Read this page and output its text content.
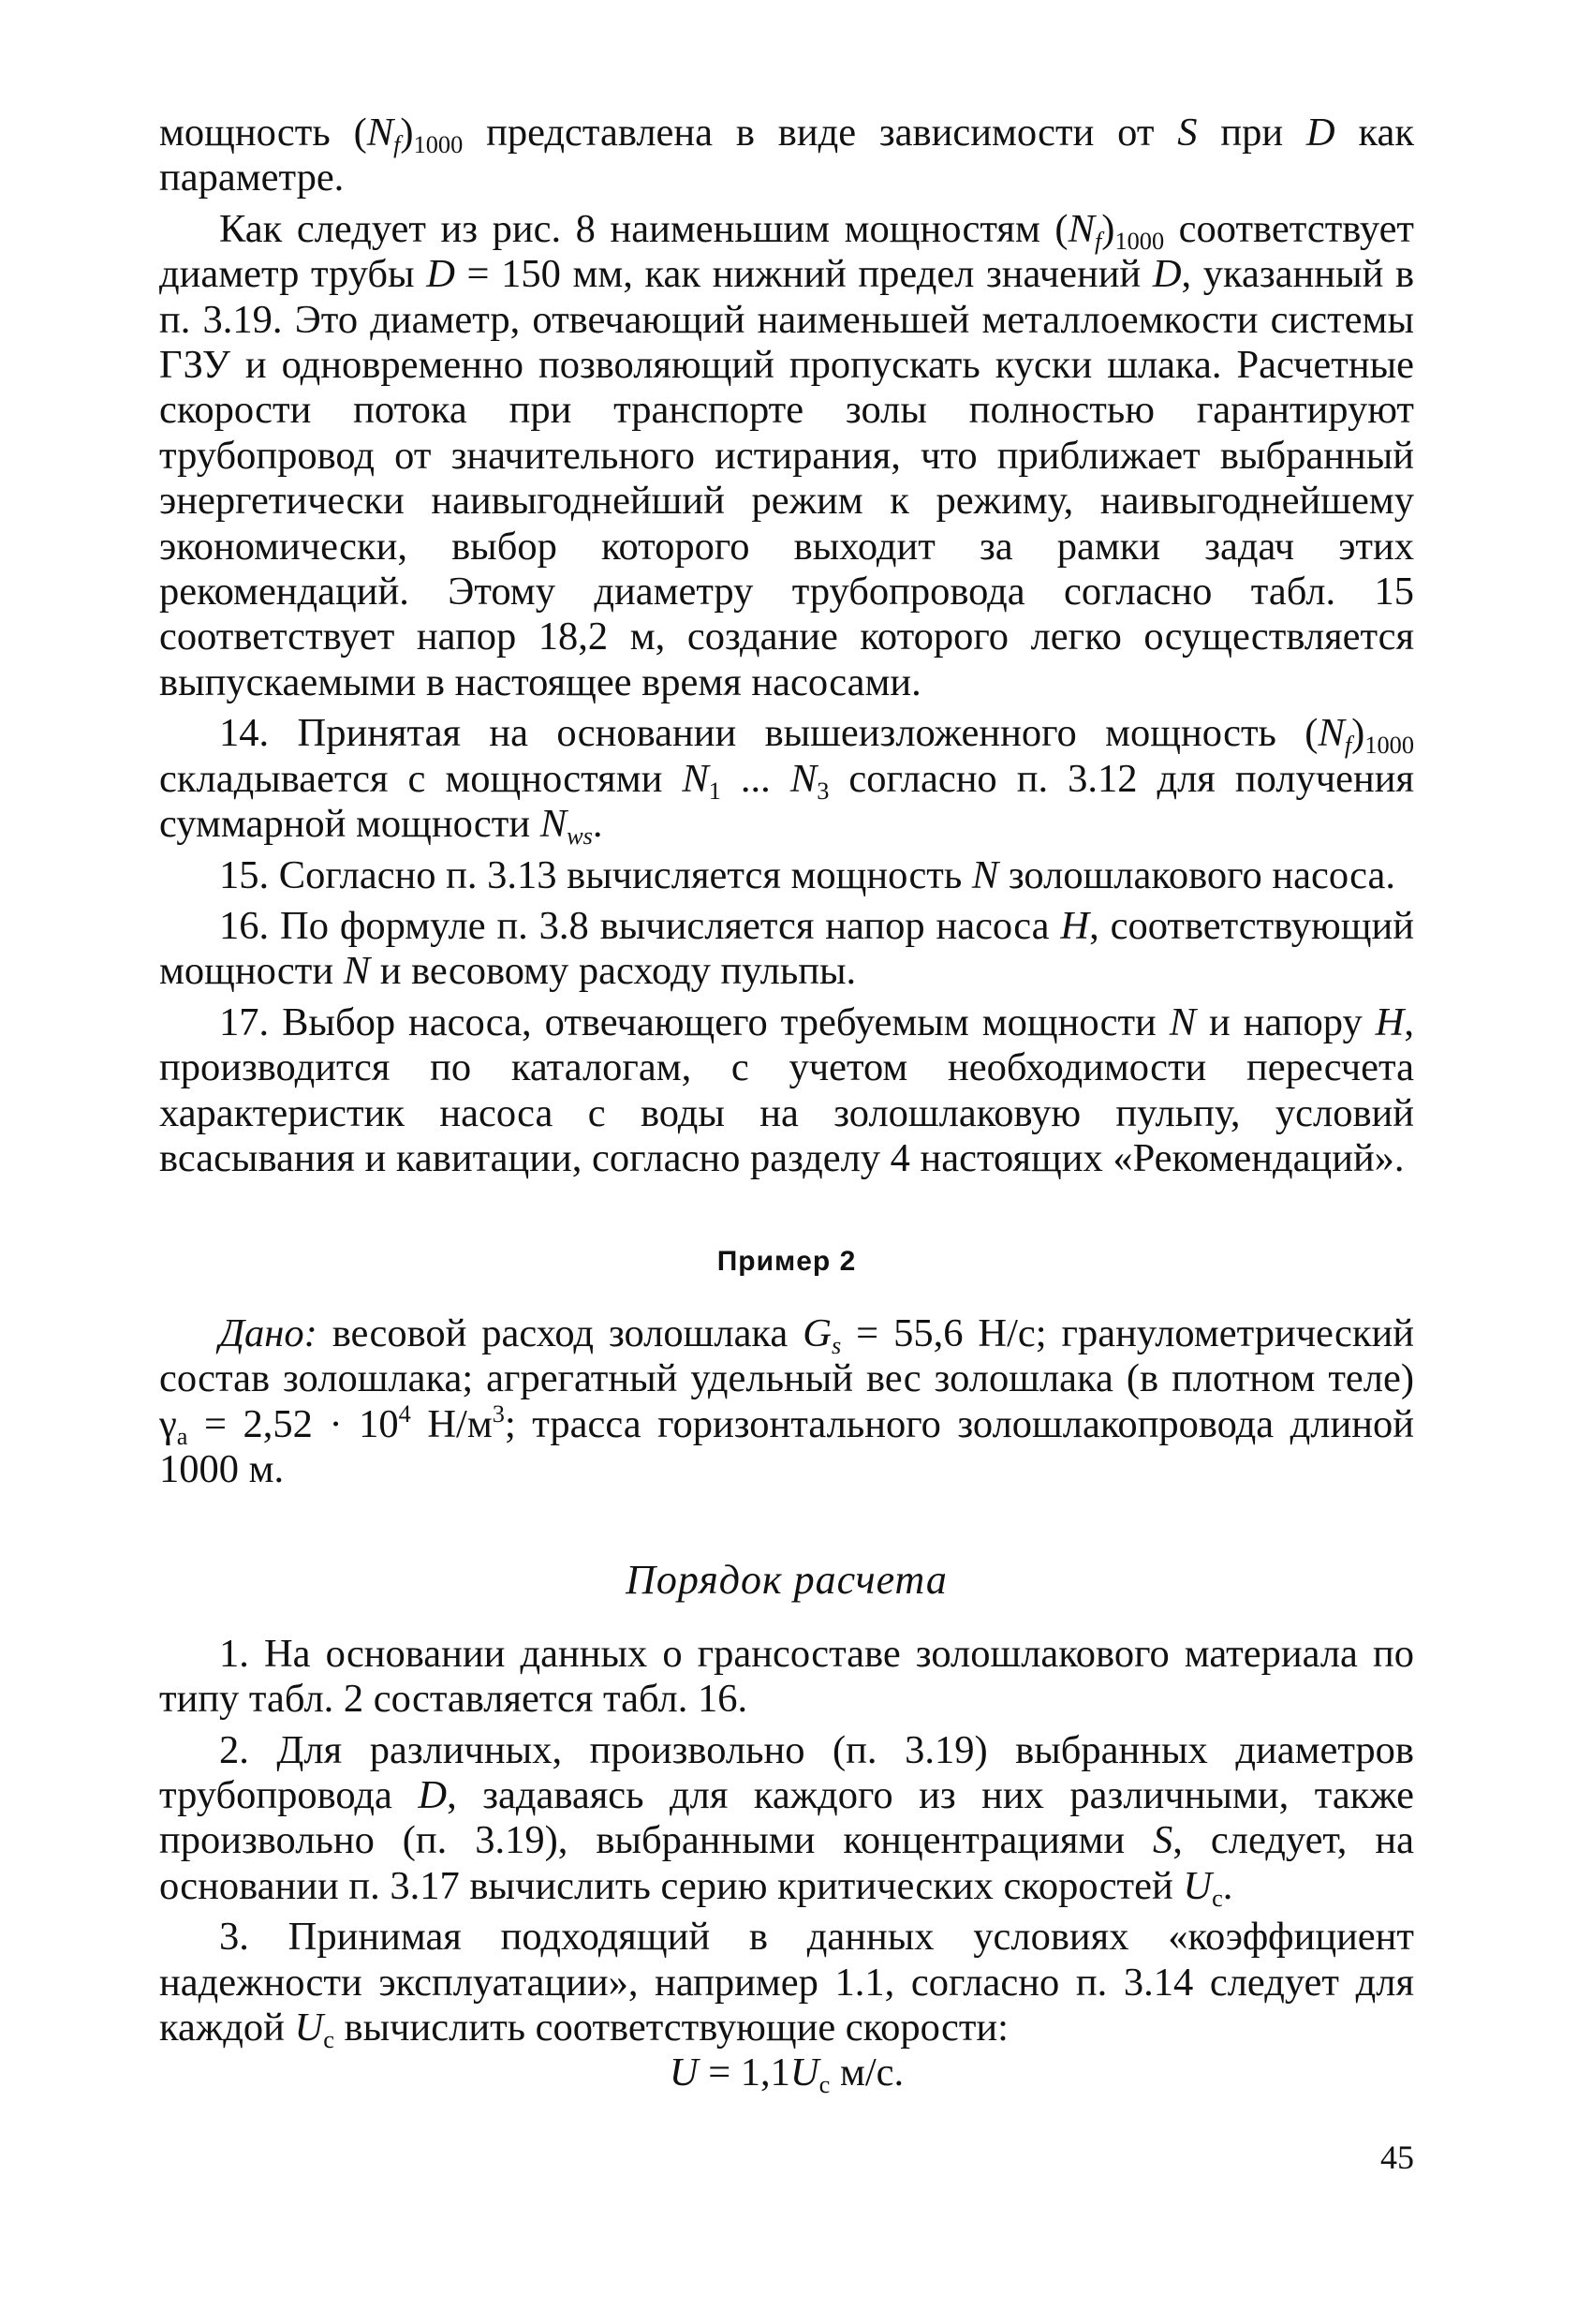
мощность $(N_f)_{1000}$ представлена в виде зависимости от S при D как параметре.

Как следует из рис. 8 наименьшим мощностям $(N_f)_{1000}$ соответствует диаметр трубы D = 150 мм, как нижний предел значений D, указанный в п. 3.19. Это диаметр, отвечающий наименьшей металлоемкости системы ГЗУ и одновременно позволяющий пропускать куски шлака. Расчетные скорости потока при транспорте золы полностью гарантируют трубопровод от значительного истирания, что приближает выбранный энергетически наивыгоднейший режим к режиму, наивыгоднейшему экономически, выбор которого выходит за рамки задач этих рекомендаций. Этому диаметру трубопровода согласно табл. 15 соответствует напор 18,2 м, создание которого легко осуществляется выпускаемыми в настоящее время насосами.

14. Принятая на основании вышеизложенного мощность $(N_f)_{1000}$ складывается с мощностями $N_1$ ... $N_3$ согласно п. 3.12 для получения суммарной мощности $N_{ws}$.

15. Согласно п. 3.13 вычисляется мощность N золошлакового насоса.

16. По формуле п. 3.8 вычисляется напор насоса H, соответствующий мощности N и весовому расходу пульпы.

17. Выбор насоса, отвечающего требуемым мощности N и напору H, производится по каталогам, с учетом необходимости пересчета характеристик насоса с воды на золошлаковую пульпу, условий всасывания и кавитации, согласно разделу 4 настоящих «Рекомендаций».

Пример 2

Дано: весовой расход золошлака $G_s = 55,6$ Н/с; гранулометрический состав золошлака; агрегатный удельный вес золошлака (в плотном теле) $\gamma_a = 2,52 \cdot 10^4$ $Н/м^3$; трасса горизонтального золошлакопровода длиной 1000 м.

Порядок расчета

1. На основании данных о грансоставе золошлакового материала по типу табл. 2 составляется табл. 16.

2. Для различных, произвольно (п. 3.19) выбранных диаметров трубопровода D, задаваясь для каждого из них различными, также произвольно (п. 3.19), выбранными концентрациями S, следует, на основании п. 3.17 вычислить серию критических скоростей $U_с$.

3. Принимая подходящий в данных условиях «коэффициент надежности эксплуатации», например 1.1, согласно п. 3.14 следует для каждой $U_с$ вычислить соответствующие скорости:

$U = 1,1U_с$ м/с.

45
